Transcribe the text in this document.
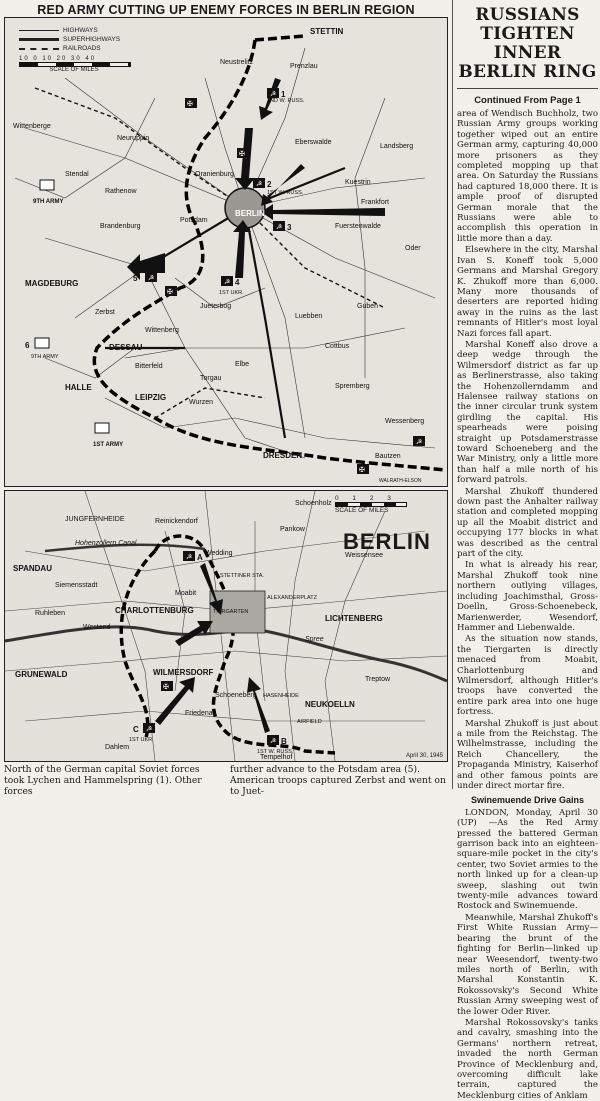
RED ARMY CUTTING UP ENEMY FORCES IN BERLIN REGION
HIGHWAYS
SUPERHIGHWAYS
RAILROADS
10 0 10 20 30 40
SCALE OF MILES
☭
☭
☭
☭
☭
✠
✠
✠
✠
☭
1
2ND W. RUSS.
2
1ST W. RUSS.
3
4
1ST UKR.
5
6
9TH ARMY
9TH ARMY
1ST ARMY
STETTIN
Neustrelitz
Prenzlau
Wittenberge
Neuruppin
Eberswalde
Oranienburg
Landsberg
Stendal
Rathenow
Kuestrin
BERLIN
Brandenburg
Potsdam
Fuerstenwalde
Frankfort
Oder
MAGDEBURG
Jueterbog
Luebben
Guben
Zerbst
Wittenberg
DESSAU	Cottbus
Bitterfeld	Elbe
Torgau
Spremberg
HALLE
LEIPZIG
Wurzen
Wessenberg
DRESDEN	Bautzen
WALRATH-ELSON
☭
☭
☭
✠
A
B
1ST W. RUSS.
C
1ST UKR.
Schoenholz
Reinickendorf
JUNGFERNHEIDE
Hohenzollern Canal
Pankow
SPANDAU
Siemensstadt
Wedding	Weissensee
STETTINER STA.
Moabit
Ruhleben
Westend
TIERGARTEN
ALEXANDERPLATZ
CHARLOTTENBURG
LICHTENBERG
Spree
GRUNEWALD	WILMERSDORF
Schoeneberg HASENHEIDE
NEUKOELLN
Treptow
Friedenau
AIRFIELD
Dahlem
Tempelhof
0 1 2 3
SCALE OF MILES
BERLIN
April 30, 1945
North of the German capital Soviet forces took Lychen and Hammelspring (1). Other forces
further advance to the Potsdam area (5). American troops captured Zerbst and went on to Juet-
RUSSIANS TIGHTEN INNER BERLIN RING
Continued From Page 1

area of Wendisch Buchholz, two Russian Army groups working together wiped out an entire German army, capturing 40,000 more prisoners as they completed mopping up that area. On Saturday the Russians had captured 18,000 there. It is ample proof of disrupted German morale that the Russians were able to accomplish this operation in little more than a day.

Elsewhere in the city, Marshal Ivan S. Koneff took 5,000 Germans and Marshal Gregory K. Zhukoff more than 6,000. Many more thousands of deserters are reported hiding away in the ruins as the last remnants of Hitler's most loyal Nazi forces fall apart.

Marshal Koneff also drove a deep wedge through the Wilmersdorf district as far up as Berlinerstrasse, also taking the Hohenzollerndamm and Halensee railway stations on the inner circular trunk system girdling the capital. His spearheads were poising straight up Potsdamerstrasse toward Schoeneberg and the War Ministry, only a little more than half a mile north of his forward patrols.

Marshal Zhukoff thundered down past the Anhalter railway station and completed mopping up all the Moabit district and occupying 177 blocks in what was described as the central part of the city.

In what is already his rear, Marshal Zhukoff took nine northern outlying villages, including Joachimsthal, Gross-Doelln, Gross-Schoenebeck, Marienwerder, Wesendorf, Hammer and Liebenwalde.

As the situation now stands, the Tiergarten is directly menaced from Moabit, Charlottenburg and Wilmersdorf, although Hitler's troops have converted the entire park area into one huge fortress.

Marshal Zhukoff is just about a mile from the Reichstag. The Wilhelmstrasse, including the Reich Chancellery, the Propaganda Ministry, Kaiserhof and other famous points are under direct mortar fire.

Swinemuende Drive Gains

LONDON, Monday, April 30 (UP) —As the Red Army pressed the battered German garrison back into an eighteen-square-mile pocket in the city's center, two Soviet armies to the north linked up for a clean-up sweep, slashing out twin twenty-mile advances toward Rostock and Swinemuende.

Meanwhile, Marshal Zhukoff's First White Russian Army—bearing the brunt of the fighting for Berlin—linked up near Weesendorf, twenty-two miles north of Berlin, with Marshal Konstantin K. Rokossovsky's Second White Russian Army sweeping west of the lower Oder River.

Marshal Rokossovsky's tanks and cavalry, smashing into the Germans' northern retreat, invaded the north German Province of Mecklenburg and, overcoming difficult lake terrain, captured the Mecklenburg cities of Anklam
